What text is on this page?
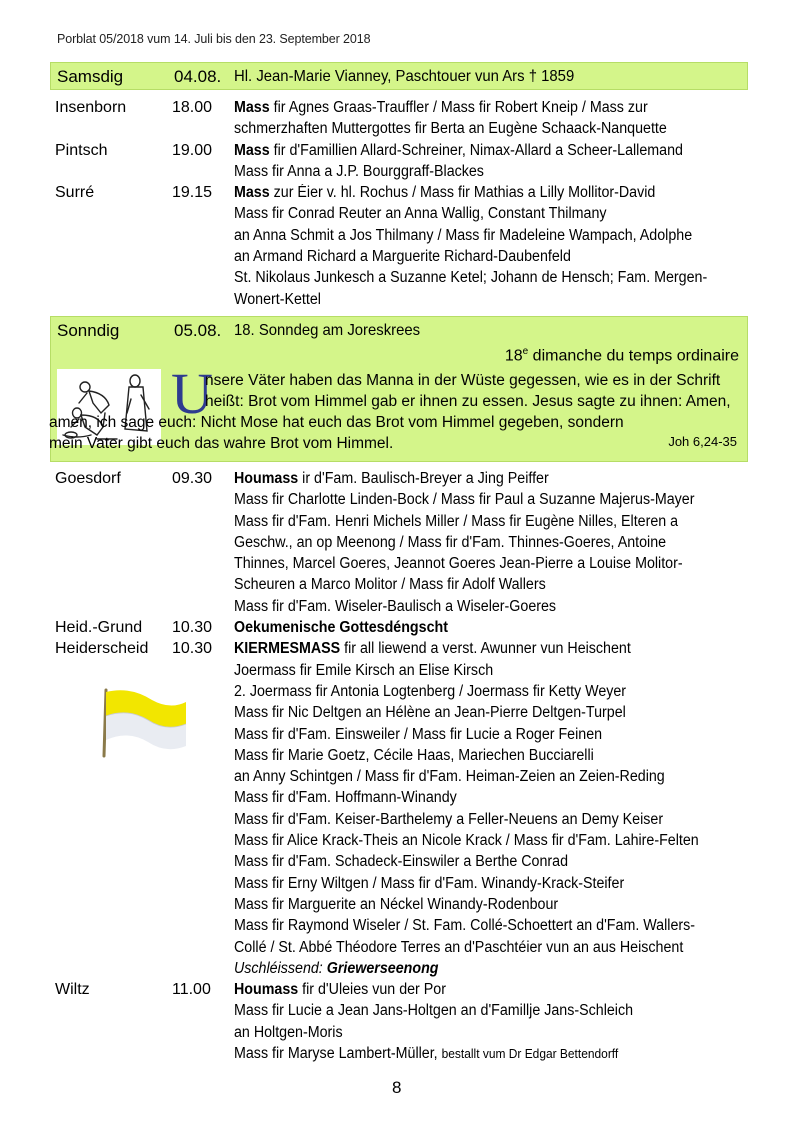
Porblat 05/2018 vum 14. Juli bis den 23. September 2018
Samsdig	04.08. Hl. Jean-Marie Vianney, Paschtouer vun Ars † 1859
Insenborn	18.00 Mass fir Agnes Graas-Trauffler / Mass fir Robert Kneip / Mass zur
schmerzhaften Muttergottes fir Berta an Eugène Schaack-Nanquette
Pintsch	19.00 Mass fir d'Famillien Allard-Schreiner, Nimax-Allard a Scheer-Lallemand
Mass fir Anna a J.P. Bourggraff-Blackes
Surré	19.15 Mass zur Éier v. hl. Rochus / Mass fir Mathias a Lilly Mollitor-David
Mass fir Conrad Reuter an Anna Wallig, Constant Thilmany
an Anna Schmit a Jos Thilmany / Mass fir Madeleine Wampach, Adolphe
an Armand Richard a Marguerite Richard-Daubenfeld
St. Nikolaus Junkesch a Suzanne Ketel; Johann de Hensch; Fam. Mergen-
Wonert-Kettel
Sonndig	05.08. 18. Sonndeg am Joreskrees
18e dimanche du temps ordinaire
U
nsere Väter haben das Manna in der Wüste gegessen, wie es in der Schrift
heißt: Brot vom Himmel gab er ihnen zu essen. Jesus sagte zu ihnen: Amen,
amen, ich sage euch: Nicht Mose hat euch das Brot vom Himmel gegeben, sondern
mein Vater gibt euch das wahre Brot vom Himmel.	Joh 6,24-35
Goesdorf	09.30 Houmass ir d'Fam. Baulisch-Breyer a Jing Peiffer
Mass fir Charlotte Linden-Bock / Mass fir Paul a Suzanne Majerus-Mayer
Mass fir d'Fam. Henri Michels Miller / Mass fir Eugène Nilles, Elteren a
Geschw., an op Meenong / Mass fir d'Fam. Thinnes-Goeres, Antoine
Thinnes, Marcel Goeres, Jeannot Goeres Jean-Pierre a Louise Molitor-
Scheuren a Marco Molitor / Mass fir Adolf Wallers
Mass fir d'Fam. Wiseler-Baulisch a Wiseler-Goeres
Heid.-Grund 10.30 Oekumenische Gottesdéngscht
Heiderscheid 10.30 KIERMESMASS fir all liewend a verst. Awunner vun Heischent
Joermass fir Emile Kirsch an Elise Kirsch
2. Joermass fir Antonia Logtenberg / Joermass fir Ketty Weyer
Mass fir Nic Deltgen an Hélène an Jean-Pierre Deltgen-Turpel
Mass fir d'Fam. Einsweiler / Mass fir Lucie a Roger Feinen
Mass fir Marie Goetz, Cécile Haas, Mariechen Bucciarelli
an Anny Schintgen / Mass fir d'Fam. Heiman-Zeien an Zeien-Reding
Mass fir d'Fam. Hoffmann-Winandy
Mass fir d'Fam. Keiser-Barthelemy a Feller-Neuens an Demy Keiser
Mass fir Alice Krack-Theis an Nicole Krack / Mass fir d'Fam. Lahire-Felten
Mass fir d'Fam. Schadeck-Einswiler a Berthe Conrad
Mass fir Erny Wiltgen / Mass fir d'Fam. Winandy-Krack-Steifer
Mass fir Marguerite an Néckel Winandy-Rodenbour
Mass fir Raymond Wiseler / St. Fam. Collé-Schoettert an d'Fam. Wallers-
Collé / St. Abbé Théodore Terres an d'Paschtéier vun an aus Heischent
Uschléissend: Griewerseenong
Wiltz	11.00 Houmass fir d'Uleies vun der Por
Mass fir Lucie a Jean Jans-Holtgen an d'Famillje Jans-Schleich
an Holtgen-Moris
Mass fir Maryse Lambert-Müller, bestallt vum Dr Edgar Bettendorff
8
